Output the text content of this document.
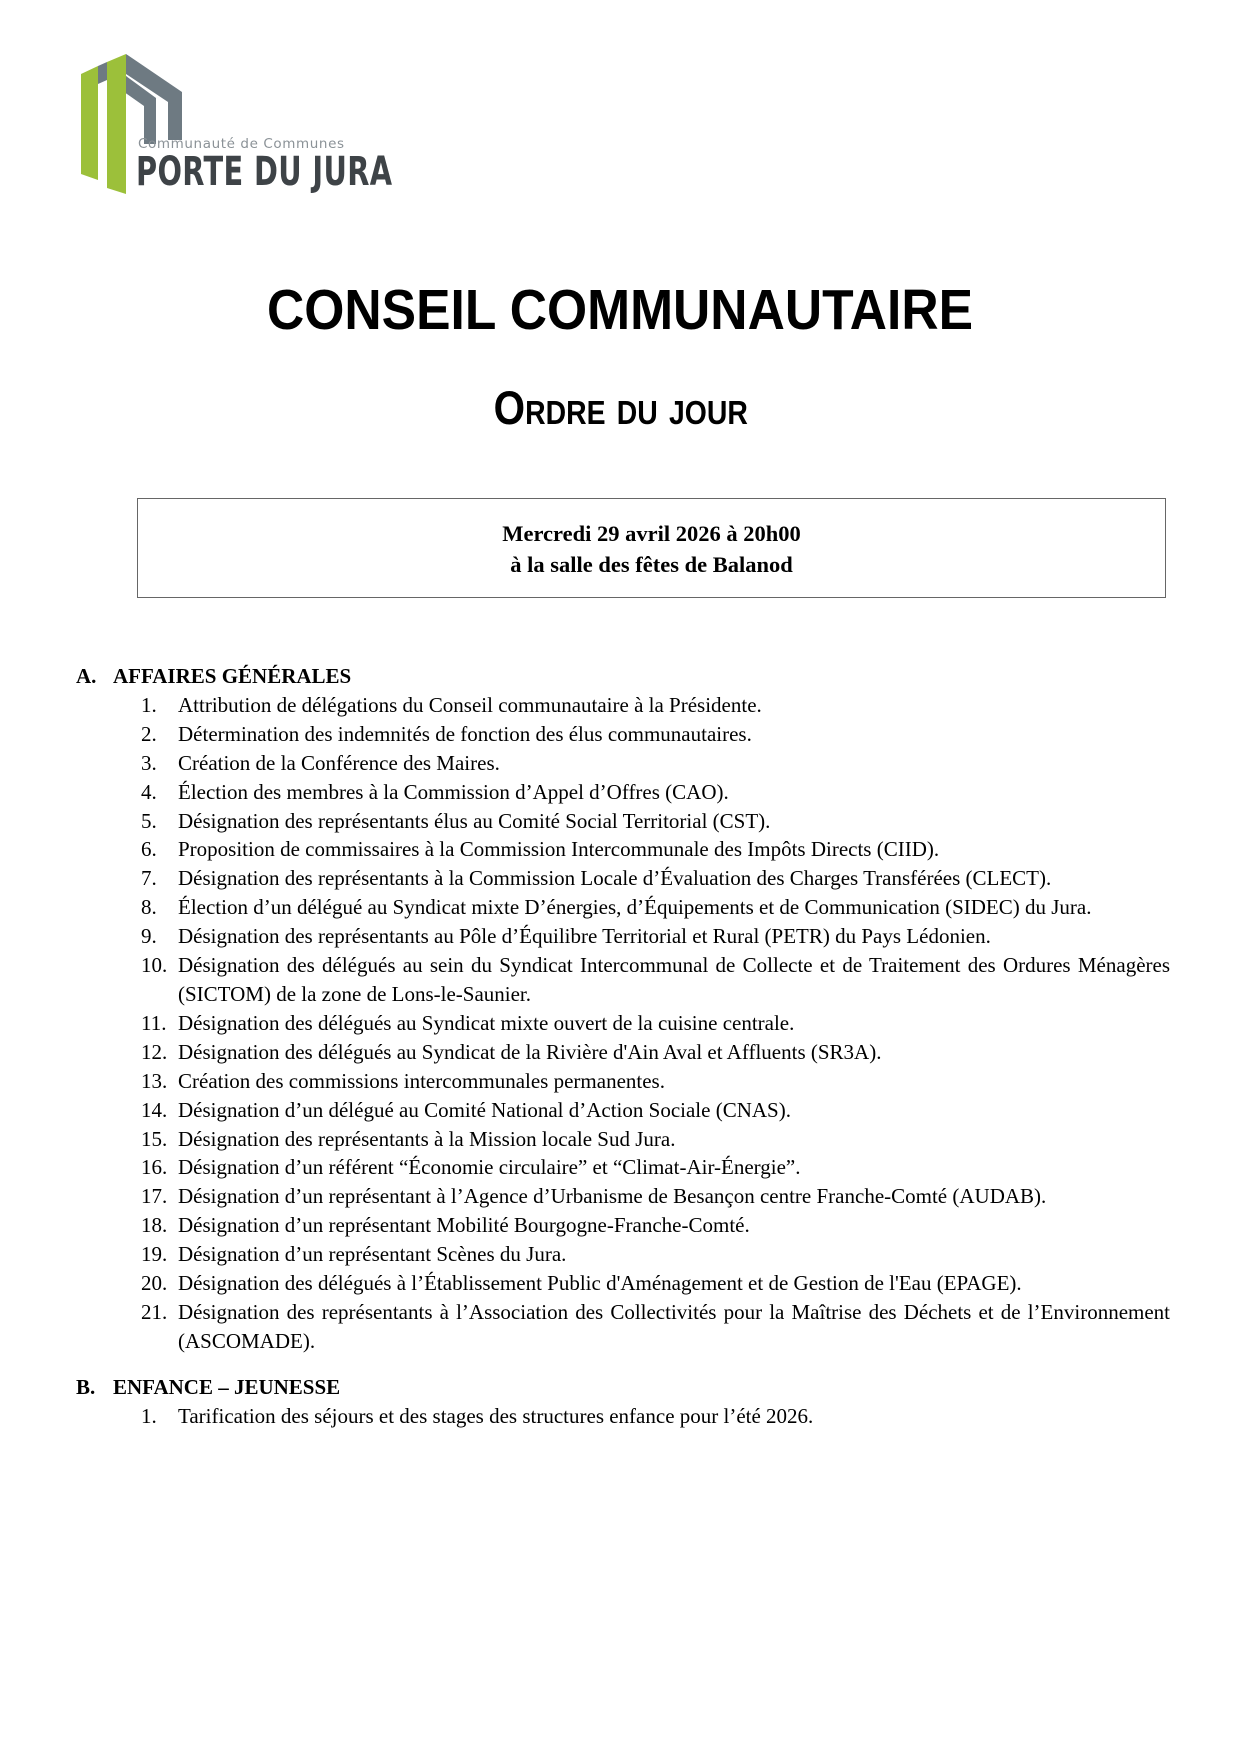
Communauté de Communes
PORTE DU JURA
CONSEIL COMMUNAUTAIRE
Ordre du jour
Mercredi 29 avril 2026 à 20h00
à la salle des fêtes de Balanod
A. AFFAIRES GÉNÉRALES
1.	Attribution de délégations du Conseil communautaire à la Présidente.
2.	Détermination des indemnités de fonction des élus communautaires.
3.	Création de la Conférence des Maires.
4.	Élection des membres à la Commission d’Appel d’Offres (CAO).
5.	Désignation des représentants élus au Comité Social Territorial (CST).
6.	Proposition de commissaires à la Commission Intercommunale des Impôts Directs (CIID).
7.	Désignation des représentants à la Commission Locale d’Évaluation des Charges Transférées (CLECT).
8.	Élection d’un délégué au Syndicat mixte D’énergies, d’Équipements et de Communication (SIDEC) du Jura.
9.	Désignation des représentants au Pôle d’Équilibre Territorial et Rural (PETR) du Pays Lédonien.
10. Désignation des délégués au sein du Syndicat Intercommunal de Collecte et de Traitement des Ordures Ménagères (SICTOM) de la zone de Lons-le-Saunier.
11. Désignation des délégués au Syndicat mixte ouvert de la cuisine centrale.
12. Désignation des délégués au Syndicat de la Rivière d'Ain Aval et Affluents (SR3A).
13. Création des commissions intercommunales permanentes.
14. Désignation d’un délégué au Comité National d’Action Sociale (CNAS).
15. Désignation des représentants à la Mission locale Sud Jura.
16. Désignation d’un référent “Économie circulaire” et “Climat-Air-Énergie”.
17. Désignation d’un représentant à l’Agence d’Urbanisme de Besançon centre Franche-Comté (AUDAB).
18. Désignation d’un représentant Mobilité Bourgogne-Franche-Comté.
19. Désignation d’un représentant Scènes du Jura.
20. Désignation des délégués à l’Établissement Public d'Aménagement et de Gestion de l'Eau (EPAGE).
21. Désignation des représentants à l’Association des Collectivités pour la Maîtrise des Déchets et de l’Environnement (ASCOMADE).
B. ENFANCE – JEUNESSE
1.	Tarification des séjours et des stages des structures enfance pour l’été 2026.
